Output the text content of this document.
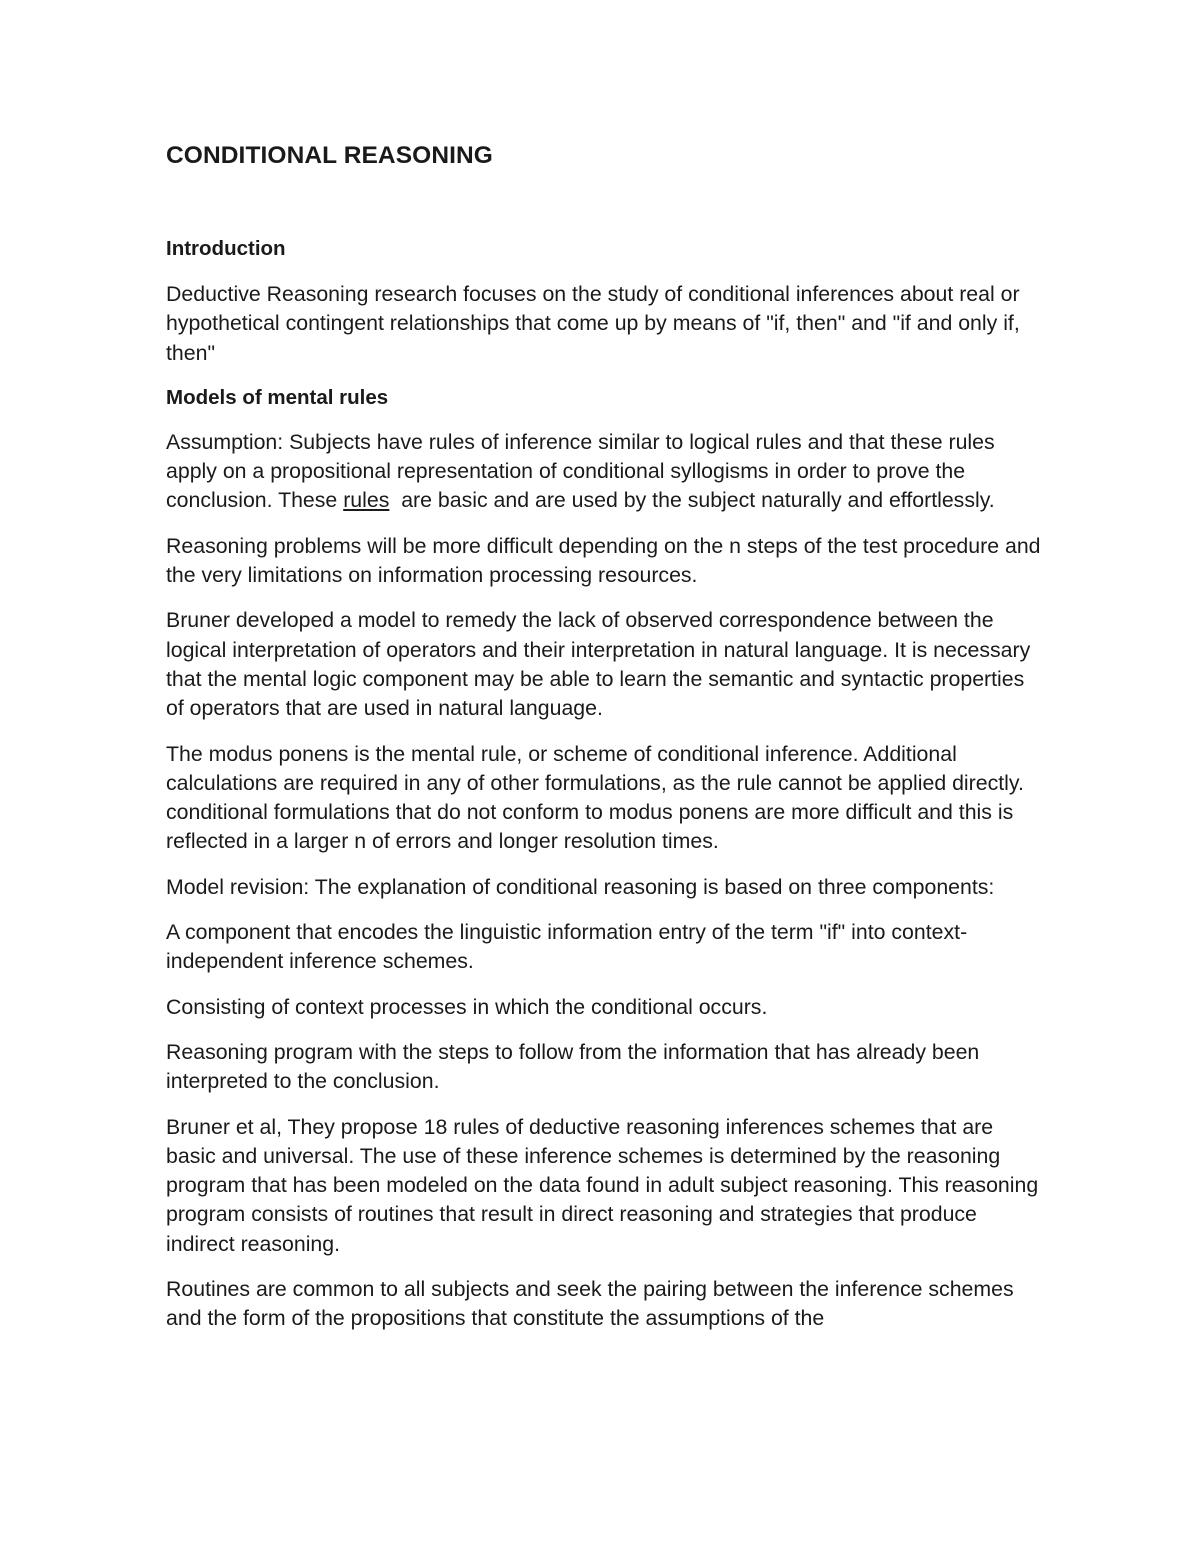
CONDITIONAL REASONING
Introduction

Deductive Reasoning research focuses on the study of conditional inferences about real or hypothetical contingent relationships that come up by means of "if, then" and "if and only if, then"

Models of mental rules

Assumption: Subjects have rules of inference similar to logical rules and that these rules apply on a propositional representation of conditional syllogisms in order to prove the conclusion. These rules  are basic and are used by the subject naturally and effortlessly.

Reasoning problems will be more difficult depending on the n steps of the test procedure and the very limitations on information processing resources.

Bruner developed a model to remedy the lack of observed correspondence between the logical interpretation of operators and their interpretation in natural language. It is necessary that the mental logic component may be able to learn the semantic and syntactic properties of operators that are used in natural language.

The modus ponens is the mental rule, or scheme of conditional inference. Additional calculations are required in any of other formulations, as the rule cannot be applied directly. conditional formulations that do not conform to modus ponens are more difficult and this is reflected in a larger n of errors and longer resolution times.

Model revision: The explanation of conditional reasoning is based on three components:

A component that encodes the linguistic information entry of the term "if" into context-independent inference schemes.

Consisting of context processes in which the conditional occurs.

Reasoning program with the steps to follow from the information that has already been interpreted to the conclusion.

Bruner et al, They propose 18 rules of deductive reasoning inferences schemes that are basic and universal. The use of these inference schemes is determined by the reasoning program that has been modeled on the data found in adult subject reasoning. This reasoning program consists of routines that result in direct reasoning and strategies that produce indirect reasoning.

Routines are common to all subjects and seek the pairing between the inference schemes and the form of the propositions that constitute the assumptions of the
